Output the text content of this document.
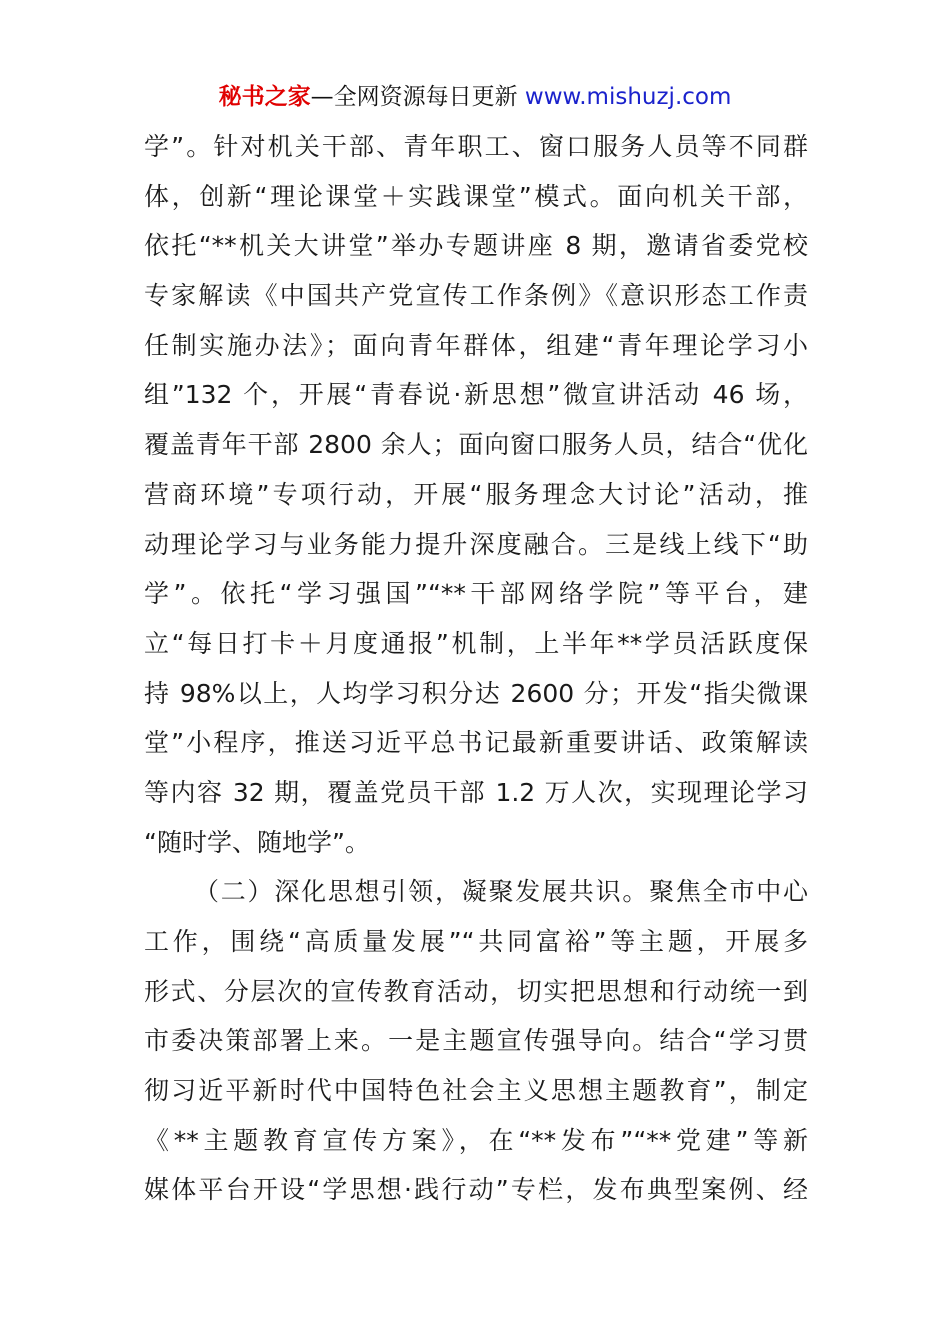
秘书之家—全网资源每日更新 www.mishuzj.com
学”。针对机关干部、青年职工、窗口服务人员等不同群
体，创新“理论课堂＋实践课堂”模式。面向机关干部，
依托“**机关大讲堂”举办专题讲座 8 期，邀请省委党校
专家解读《中国共产党宣传工作条例》《意识形态工作责
任制实施办法》；面向青年群体，组建“青年理论学习小
组”132 个，开展“青春说·新思想”微宣讲活动 46 场，
覆盖青年干部 2800 余人；面向窗口服务人员，结合“优化
营商环境”专项行动，开展“服务理念大讨论”活动，推
动理论学习与业务能力提升深度融合。三是线上线下“助
学”。依托“学习强国”“**干部网络学院”等平台，建
立“每日打卡＋月度通报”机制，上半年**学员活跃度保
持 98%以上，人均学习积分达 2600 分；开发“指尖微课
堂”小程序，推送习近平总书记最新重要讲话、政策解读
等内容 32 期，覆盖党员干部 1.2 万人次，实现理论学习
“随时学、随地学”。
（二）深化思想引领，凝聚发展共识。聚焦全市中心
工作，围绕“高质量发展”“共同富裕”等主题，开展多
形式、分层次的宣传教育活动，切实把思想和行动统一到
市委决策部署上来。一是主题宣传强导向。结合“学习贯
彻习近平新时代中国特色社会主义思想主题教育”，制定
《**主题教育宣传方案》，在“**发布”“**党建”等新
媒体平台开设“学思想·践行动”专栏，发布典型案例、经
